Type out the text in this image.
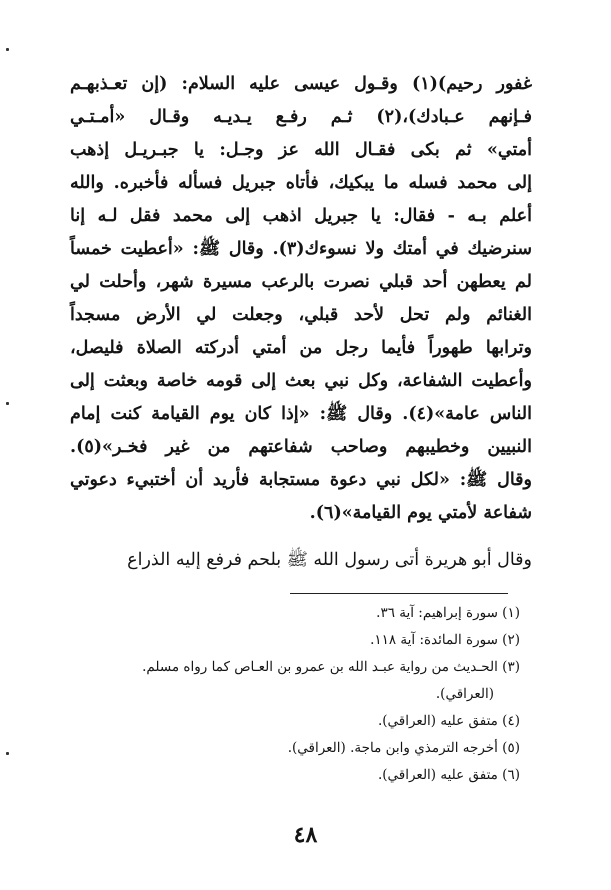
غفور رحيم)(١) وقـول عيسى عليه السلام: (إن تعـذبهـم
فـإنهم عـبادك)،(٢) ثـم رفـع يـديـه وقـال «أمـتـي
أمتي» ثم بكى فقـال الله عز وجـل: يا جبـريـل إذهب
إلى محمد فسله ما يبكيك، فأتاه جبريل فسأله فأخبره. والله
أعلم بـه - فقال: يا جبريل اذهب إلى محمد فقل لـه إنا
سنرضيك في أمتك ولا نسوءك(٣). وقال ﷺ: «أعطيت خمساً
لم يعطهن أحد قبلي نصرت بالرعب مسيرة شهر، وأحلت لي
الغنائم ولم تحل لأحد قبلي، وجعلت لي الأرض مسجداً
وترابها طهوراً فأيما رجل من أمتي أدركته الصلاة فليصل،
وأعطيت الشفاعة، وكل نبي بعث إلى قومه خاصة وبعثت إلى
الناس عامة»(٤). وقال ﷺ: «إذا كان يوم القيامة كنت إمام
النبيين وخطيبهم وصاحب شفاعتهم من غير فخـر»(٥).
وقال ﷺ: «لكل نبي دعوة مستجابة فأريد أن أختبيء دعوتي
شفاعة لأمتي يوم القيامة»(٦).
وقال أبو هريرة أتى رسول الله ﷺ بلحم فرفع إليه الذراع
(١) سورة إبراهيم: آية ٣٦.
(٢) سورة المائدة: آية ١١٨.
(٣) الحـديث من رواية عبـد الله بن عمرو بن العـاص كما رواه مسلم.
(العراقي).
(٤) متفق عليه (العراقي).
(٥) أخرجه الترمذي وابن ماجة. (العراقي).
(٦) متفق عليه (العراقي).
٤٨
